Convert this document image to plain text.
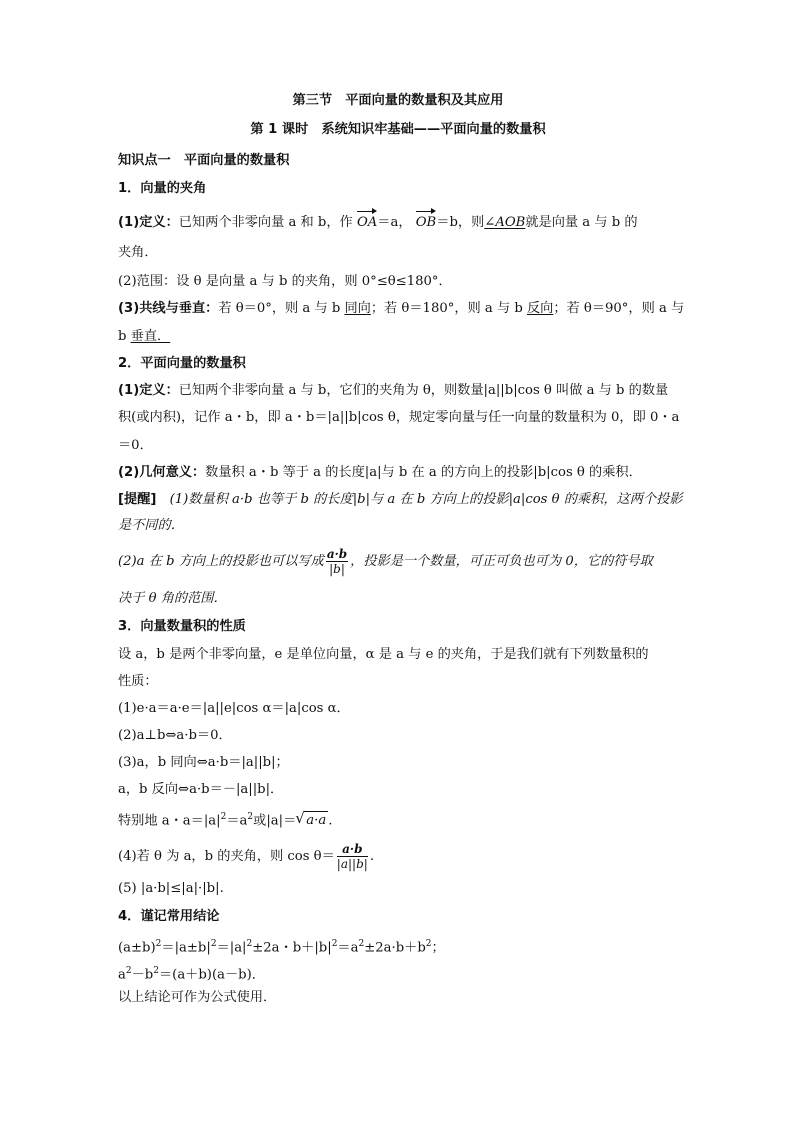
第三节　平面向量的数量积及其应用
第 1 课时　系统知识牢基础——平面向量的数量积
知识点一　平面向量的数量积
1．向量的夹角
(1)定义：已知两个非零向量 a 和 b，作 OA＝a， OB＝b，则∠AOB就是向量 a 与 b 的
夹角．
(2)范围：设 θ 是向量 a 与 b 的夹角，则 0°≤θ≤180°．
(3)共线与垂直：若 θ＝0°，则 a 与 b 同向；若 θ＝180°，则 a 与 b 反向；若 θ＝90°，则 a 与
b 垂直．
2．平面向量的数量积
(1)定义：已知两个非零向量 a 与 b，它们的夹角为 θ，则数量|a||b|cos θ 叫做 a 与 b 的数量
积(或内积)，记作 a・b，即 a・b＝|a||b|cos θ，规定零向量与任一向量的数量积为 0，即 0・a
＝0．
(2)几何意义：数量积 a・b 等于 a 的长度|a|与 b 在 a 的方向上的投影|b|cos θ 的乘积．
[提醒]　(1)数量积 a·b 也等于 b 的长度|b|与 a 在 b 方向上的投影|a|cos θ 的乘积，这两个投影
是不同的．
(2)a 在 b 方向上的投影也可以写成 $\frac{a\cdot b}{|b|}$ ，投影是一个数量，可正可负也可为 0，它的符号取
决于 θ 角的范围．
3．向量数量积的性质
设 a，b 是两个非零向量，e 是单位向量，α 是 a 与 e 的夹角，于是我们就有下列数量积的
性质：
(1)e·a＝a·e＝|a||e|cos α＝|a|cos α．
(2)a⊥b⇔a·b＝0．
(3)a，b 同向⇔a·b＝|a||b|；
a，b 反向⇔a·b＝－|a||b|．
特别地 a・$a=|a|^2=a^2$或|a|＝√ a·a .
(4)若 θ 为 a，b 的夹角，则 $\cos \theta= \frac{a\cdot b}{|a||b|}$ .
(5) |a·b|≤|a|·|b|.
4．谨记常用结论
$(a\pm b)^2=|a\pm b|^2=|a|^2\pm 2a$・$b+|b|^2=a^2\pm 2a\cdot b+b^2$；
$a^2-b^2=(a+b)(a-b)$．
以上结论可作为公式使用．
